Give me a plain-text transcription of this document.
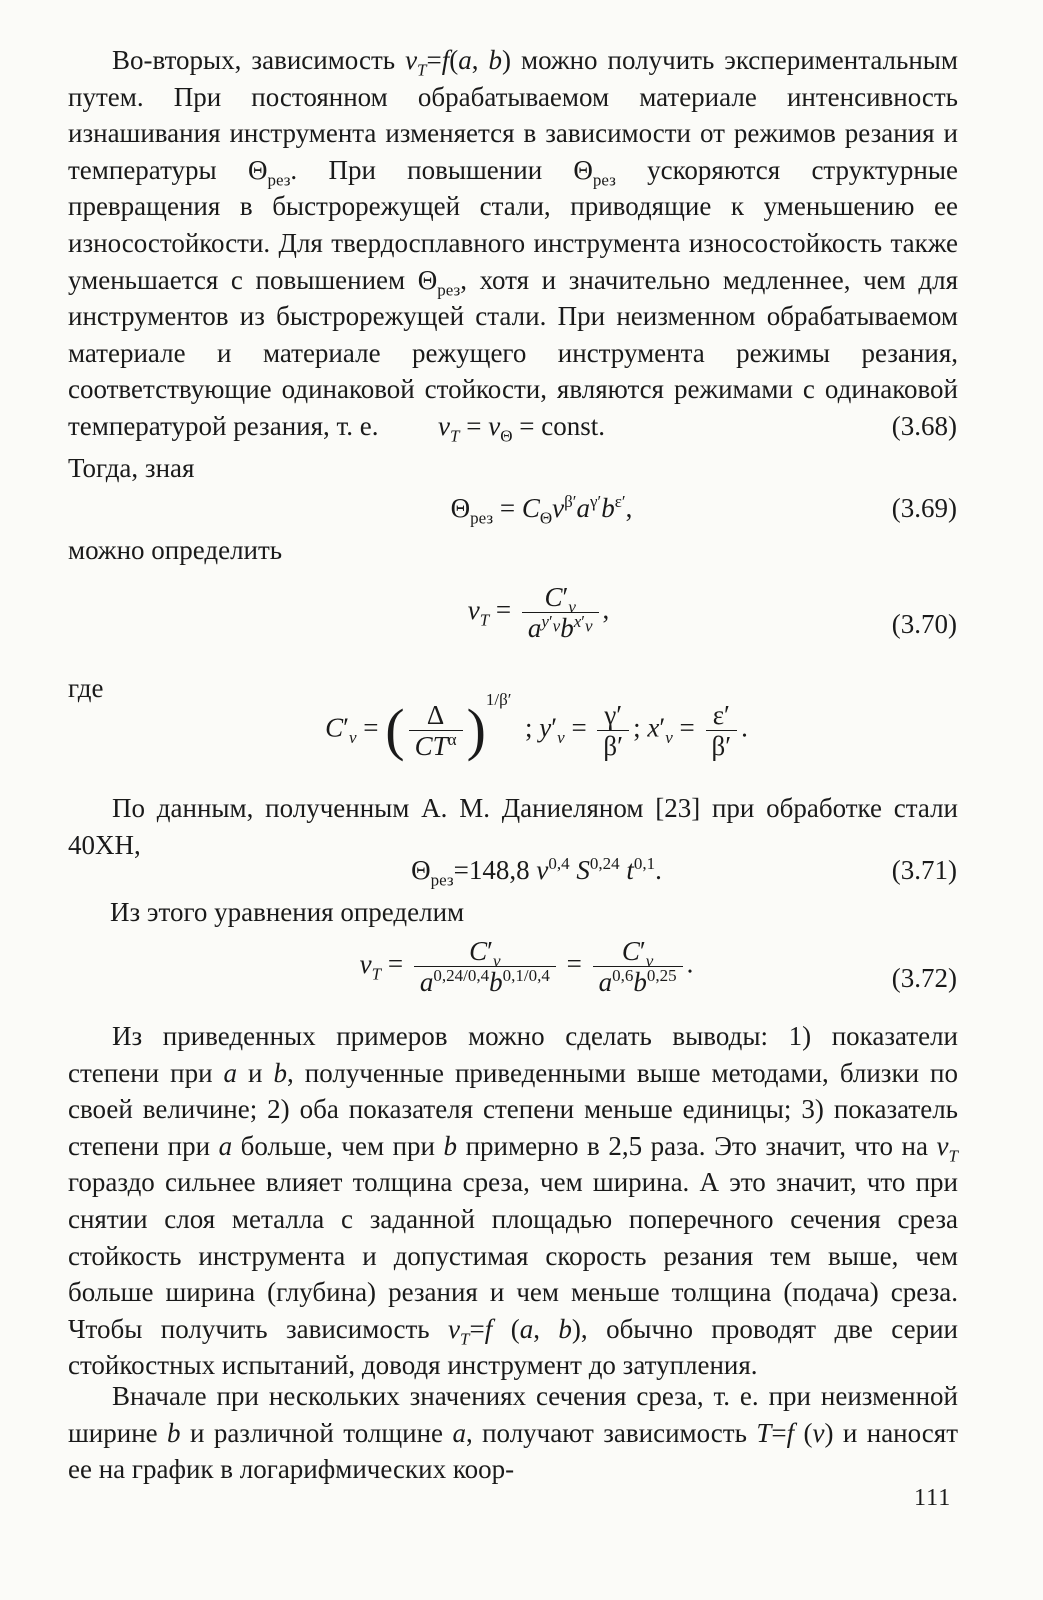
Во-вторых, зависимость $v_T=f(a$, b) можно получить экспериментальным путем. При постоянном обрабатываемом материале интенсивность изнашивания инструмента изменяется в зависимости от режимов резания и температуры $\Theta_{рез}$. При повышении $\Theta_{рез}$ ускоряются структурные превращения в быстрорежущей стали, приводящие к уменьшению ее износостойкости. Для твердосплавного инструмента износостойкость также уменьшается с повышением $\Theta_{рез}$, хотя и значительно медленнее, чем для инструментов из быстрорежущей стали. При неизменном обрабатываемом материале и материале режущего инструмента режимы резания, соответствующие одинаковой стойкости, являются режимами с одинаковой температурой резания, т. е.	$v_T = v_\Theta$ = const.	(3.68)

Тогда, зная

$\Theta_{рез} = C_\Theta v^{\beta'}a^{\gamma'}b^{\varepsilon'}$,	(3.69)

можно определить

$v_T = \frac{C'_v}{a^{y'_v}b^{x'_v}}$ ,	(3.70)

где

$C'_v$ = ( $\frac{\Delta}{CT^\alpha} )^{1/\beta'}$  ; $y'_v = \frac{\gamma'}{\beta'}$ ; $x'_v = \frac{\varepsilon'}{\beta'}$ .

По данным, полученным А. М. Даниеляном [23] при обработке стали 40ХН,

$\Theta_{рез}=148,8$ $v^{0,4}$ S$^{0,24}$ $t^{0,1}$.	(3.71)

Из этого уравнения определим

$v_T = \frac{C'_v}{a^{0,24/0,4}b^{0,1/0,4}} = \frac{C'_v}{a^{0,6}b^{0,25}}$ .	(3.72)

Из приведенных примеров можно сделать выводы: 1) показатели степени при a и b, полученные приведенными выше методами, близки по своей величине; 2) оба показателя степени меньше единицы; 3) показатель степени при a больше, чем при b примерно в 2,5 раза. Это значит, что на $v_T$ гораздо сильнее влияет толщина среза, чем ширина. А это значит, что при снятии слоя металла с заданной площадью поперечного сечения среза стойкость инструмента и допустимая скорость резания тем выше, чем больше ширина (глубина) резания и чем меньше толщина (подача) среза. Чтобы получить зависимость $v_T=f$ (a, b), обычно проводят две серии стойкостных испытаний, доводя инструмент до затупления.

Вначале при нескольких значениях сечения среза, т. е. при неизменной ширине b и различной толщине a, получают зависимость T=f (v) и наносят ее на график в логарифмических коор-

111
